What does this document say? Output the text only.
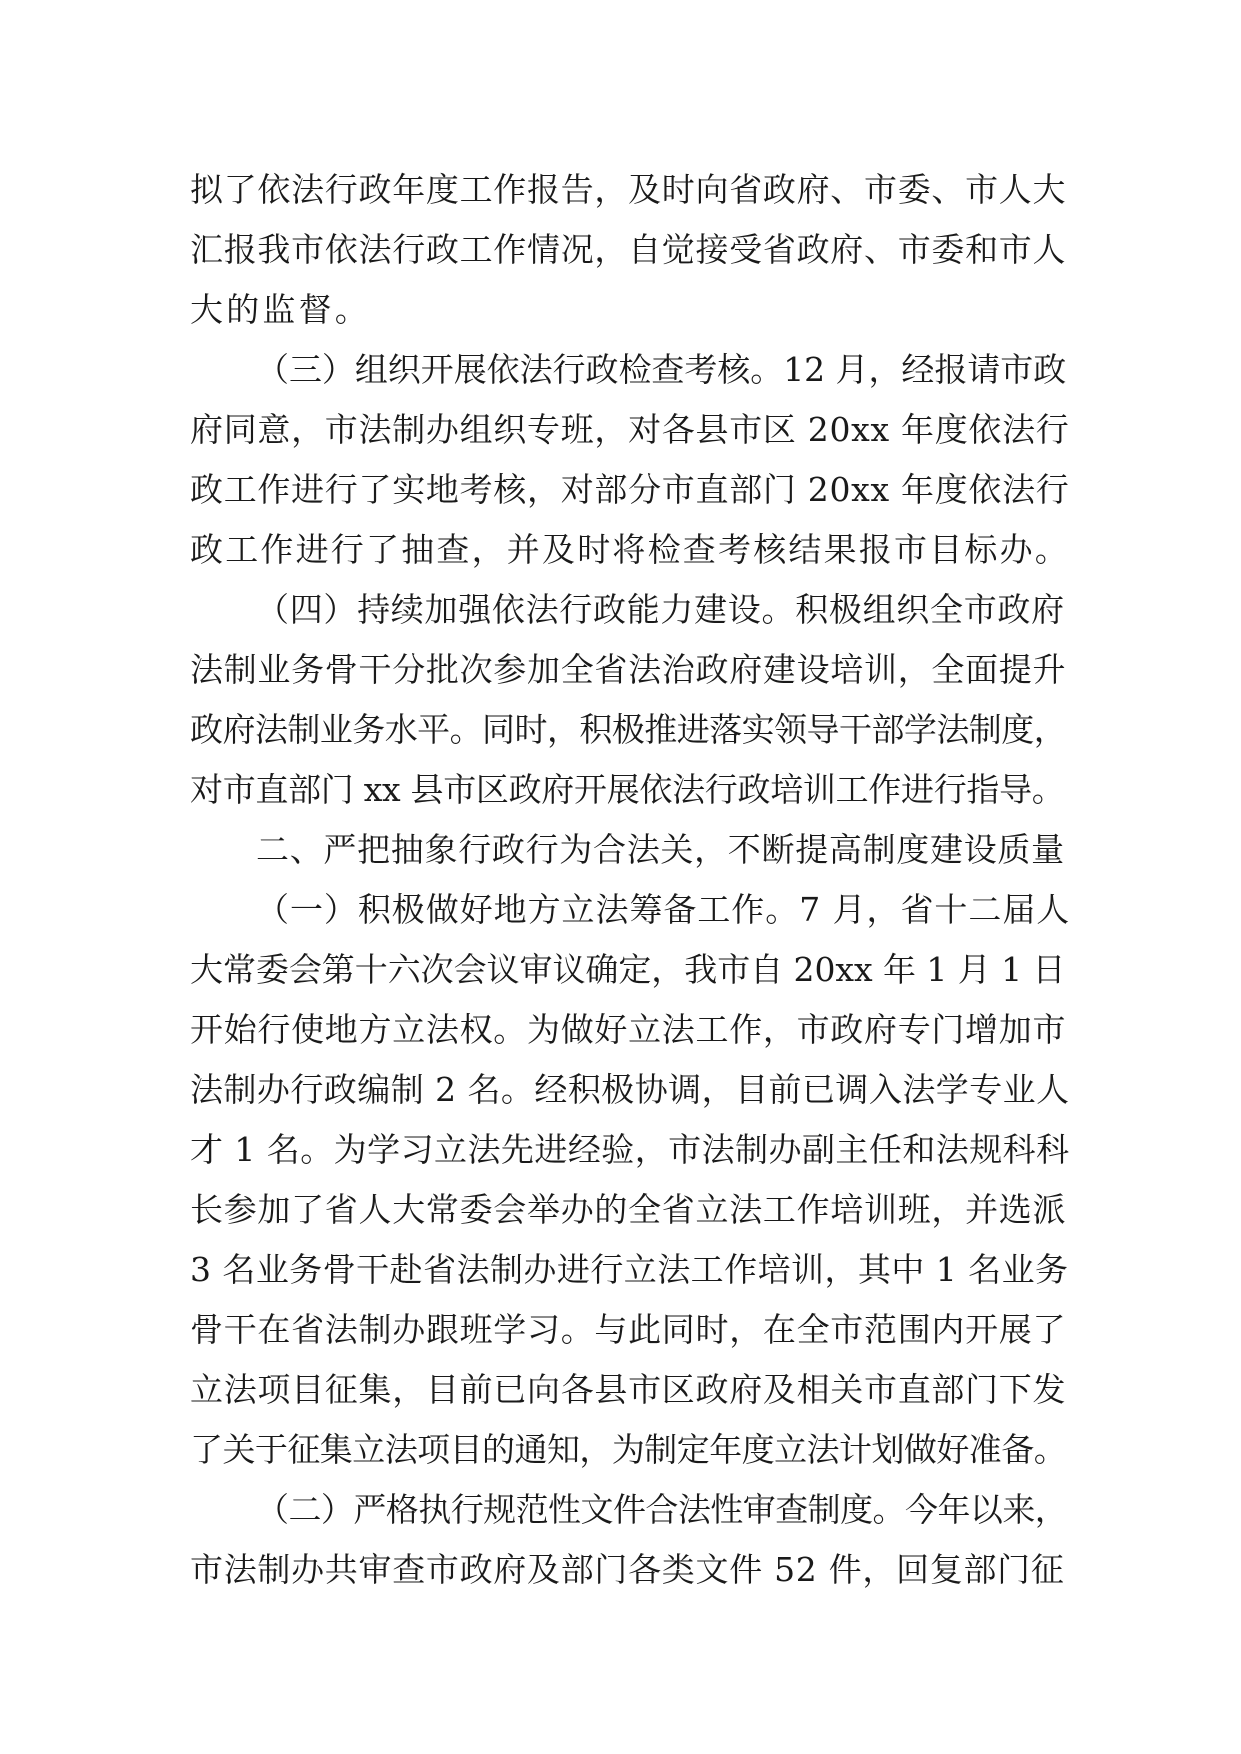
拟了依法行政年度工作报告，及时向省政府、市委、市人大
汇报我市依法行政工作情况，自觉接受省政府、市委和市人
大的监督。
（三）组织开展依法行政检查考核。12 月，经报请市政
府同意，市法制办组织专班，对各县市区 20xx 年度依法行
政工作进行了实地考核，对部分市直部门 20xx 年度依法行
政工作进行了抽查，并及时将检查考核结果报市目标办。
（四）持续加强依法行政能力建设。积极组织全市政府
法制业务骨干分批次参加全省法治政府建设培训，全面提升
政府法制业务水平。同时，积极推进落实领导干部学法制度，
对市直部门 xx 县市区政府开展依法行政培训工作进行指导。
二、严把抽象行政行为合法关，不断提高制度建设质量
（一）积极做好地方立法筹备工作。7 月，省十二届人
大常委会第十六次会议审议确定，我市自 20xx 年 1 月 1 日
开始行使地方立法权。为做好立法工作，市政府专门增加市
法制办行政编制 2 名。经积极协调，目前已调入法学专业人
才 1 名。为学习立法先进经验，市法制办副主任和法规科科
长参加了省人大常委会举办的全省立法工作培训班，并选派
3 名业务骨干赴省法制办进行立法工作培训，其中 1 名业务
骨干在省法制办跟班学习。与此同时，在全市范围内开展了
立法项目征集，目前已向各县市区政府及相关市直部门下发
了关于征集立法项目的通知，为制定年度立法计划做好准备。
（二）严格执行规范性文件合法性审查制度。今年以来，
市法制办共审查市政府及部门各类文件 52 件，回复部门征
